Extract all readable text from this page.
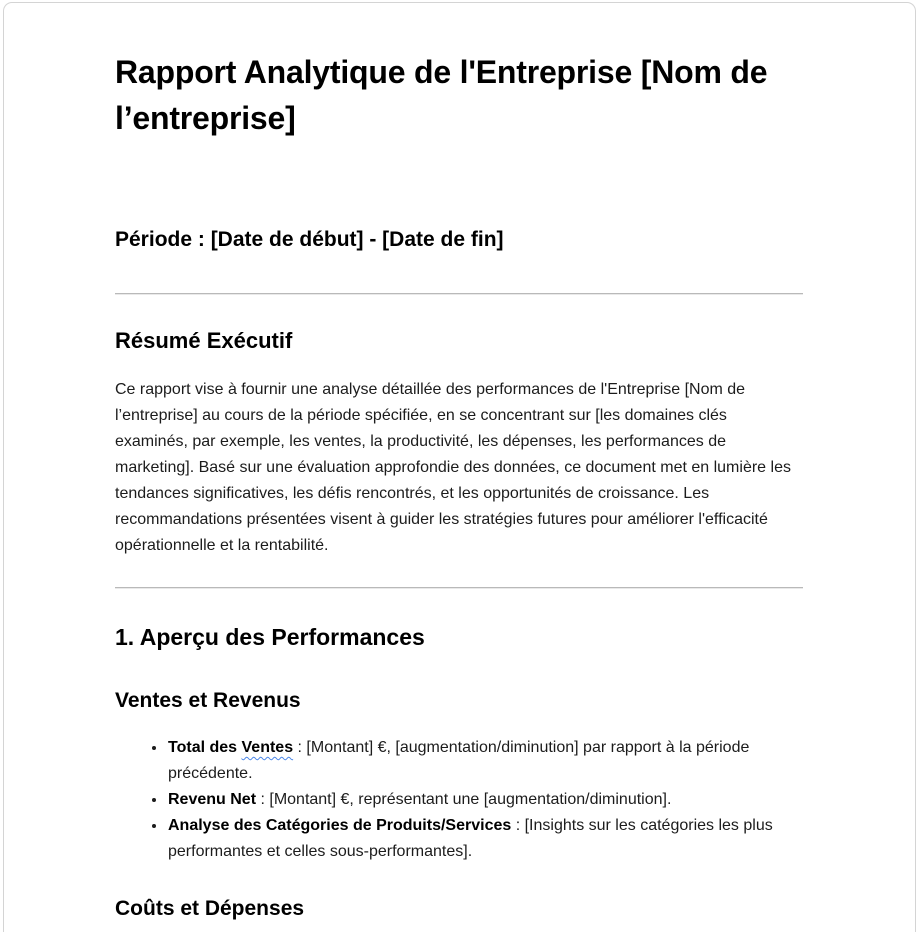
Rapport Analytique de l'Entreprise [Nom de l’entreprise]

Période : [Date de début] - [Date de fin]

Résumé Exécutif

Ce rapport vise à fournir une analyse détaillée des performances de l'Entreprise [Nom de l’entreprise] au cours de la période spécifiée, en se concentrant sur [les domaines clés examinés, par exemple, les ventes, la productivité, les dépenses, les performances de marketing]. Basé sur une évaluation approfondie des données, ce document met en lumière les tendances significatives, les défis rencontrés, et les opportunités de croissance. Les recommandations présentées visent à guider les stratégies futures pour améliorer l'efficacité opérationnelle et la rentabilité.

1. Aperçu des Performances
Ventes et Revenus
• Total des Ventes : [Montant] €, [augmentation/diminution] par rapport à la période précédente.
• Revenu Net : [Montant] €, représentant une [augmentation/diminution].
• Analyse des Catégories de Produits/Services : [Insights sur les catégories les plus performantes et celles sous-performantes].
Coûts et Dépenses
